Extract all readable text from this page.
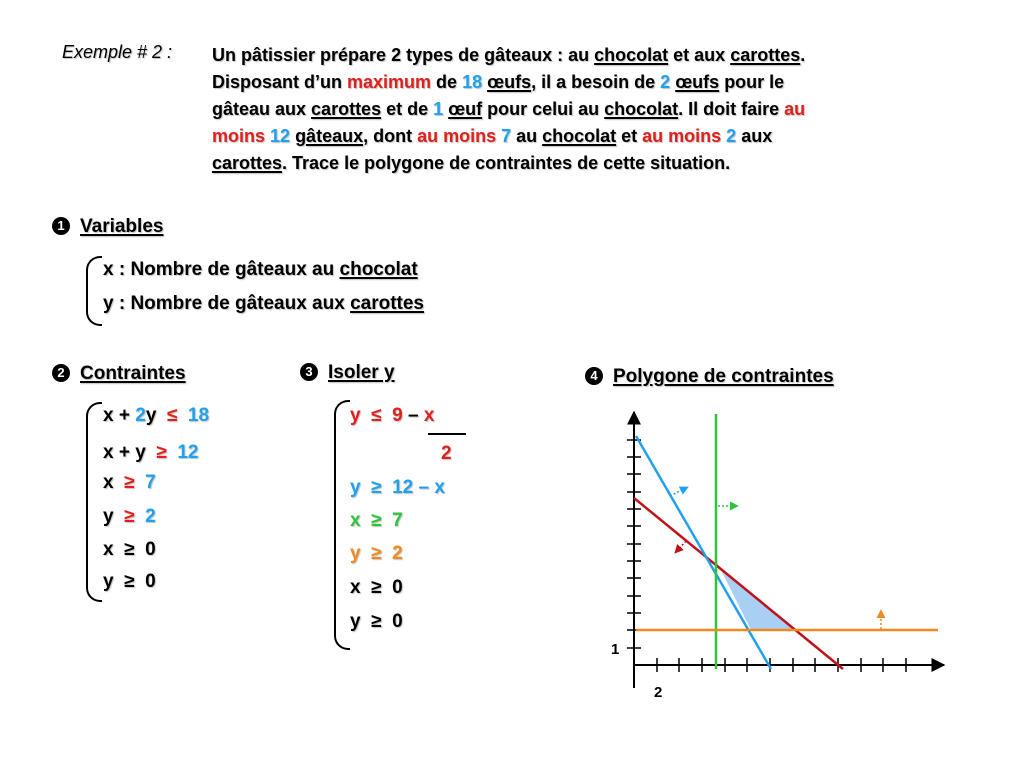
Exemple # 2 : Un pâtissier prépare 2 types de gâteaux : au chocolat et aux carottes.
Disposant d’un maximum de 18 œufs, il a besoin de 2 œufs pour le
gâteau aux carottes et de 1 œuf pour celui au chocolat. Il doit faire au
moins 12 gâteaux, dont au moins 7 au chocolat et au moins 2 aux
carottes. Trace le polygone de contraintes de cette situation.
1 Variables
x : Nombre de gâteaux au chocolat
y : Nombre de gâteaux aux carottes
2 Contraintes
x + 2y  ≤  18
x + y  ≥  12
x  ≥  7
y  ≥  2
x  ≥  0
y  ≥  0
3 Isoler y
y  ≤  9 – x
2
y  ≥  12 – x
x  ≥  7
y  ≥  2
x  ≥  0
y  ≥  0
4 Polygone de contraintes
1
2
